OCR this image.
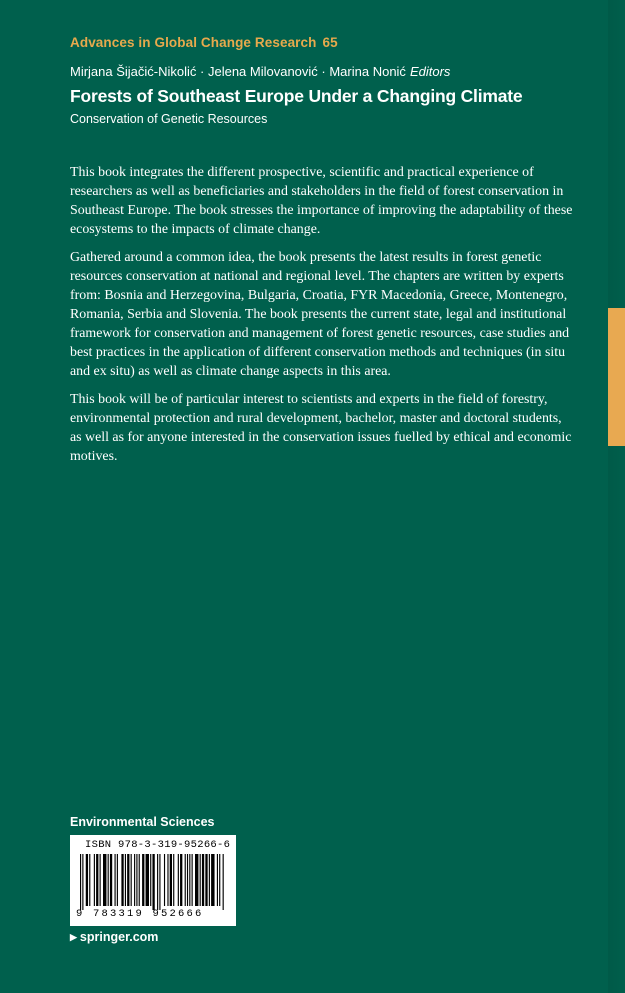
Advances in Global Change Research 65
Mirjana Šijačić-Nikolić · Jelena Milovanović · Marina Nonić Editors
Forests of Southeast Europe Under a Changing Climate
Conservation of Genetic Resources

This book integrates the different prospective, scientific and practical experience of researchers as well as beneficiaries and stakeholders in the field of forest conservation in Southeast Europe. The book stresses the importance of improving the adaptability of these ecosystems to the impacts of climate change.

Gathered around a common idea, the book presents the latest results in forest genetic resources conservation at national and regional level. The chapters are written by experts from: Bosnia and Herzegovina, Bulgaria, Croatia, FYR Macedonia, Greece, Montenegro, Romania, Serbia and Slovenia. The book presents the current state, legal and institutional framework for conservation and management of forest genetic resources, case studies and best practices in the application of different conservation methods and techniques (in situ and ex situ) as well as climate change aspects in this area.

This book will be of particular interest to scientists and experts in the field of forestry, environmental protection and rural development, bachelor, master and doctoral students, as well as for anyone interested in the conservation issues fuelled by ethical and economic motives.

Environmental Sciences
ISBN 978-3-319-95266-6
9 783319 952666
▶ springer.com
